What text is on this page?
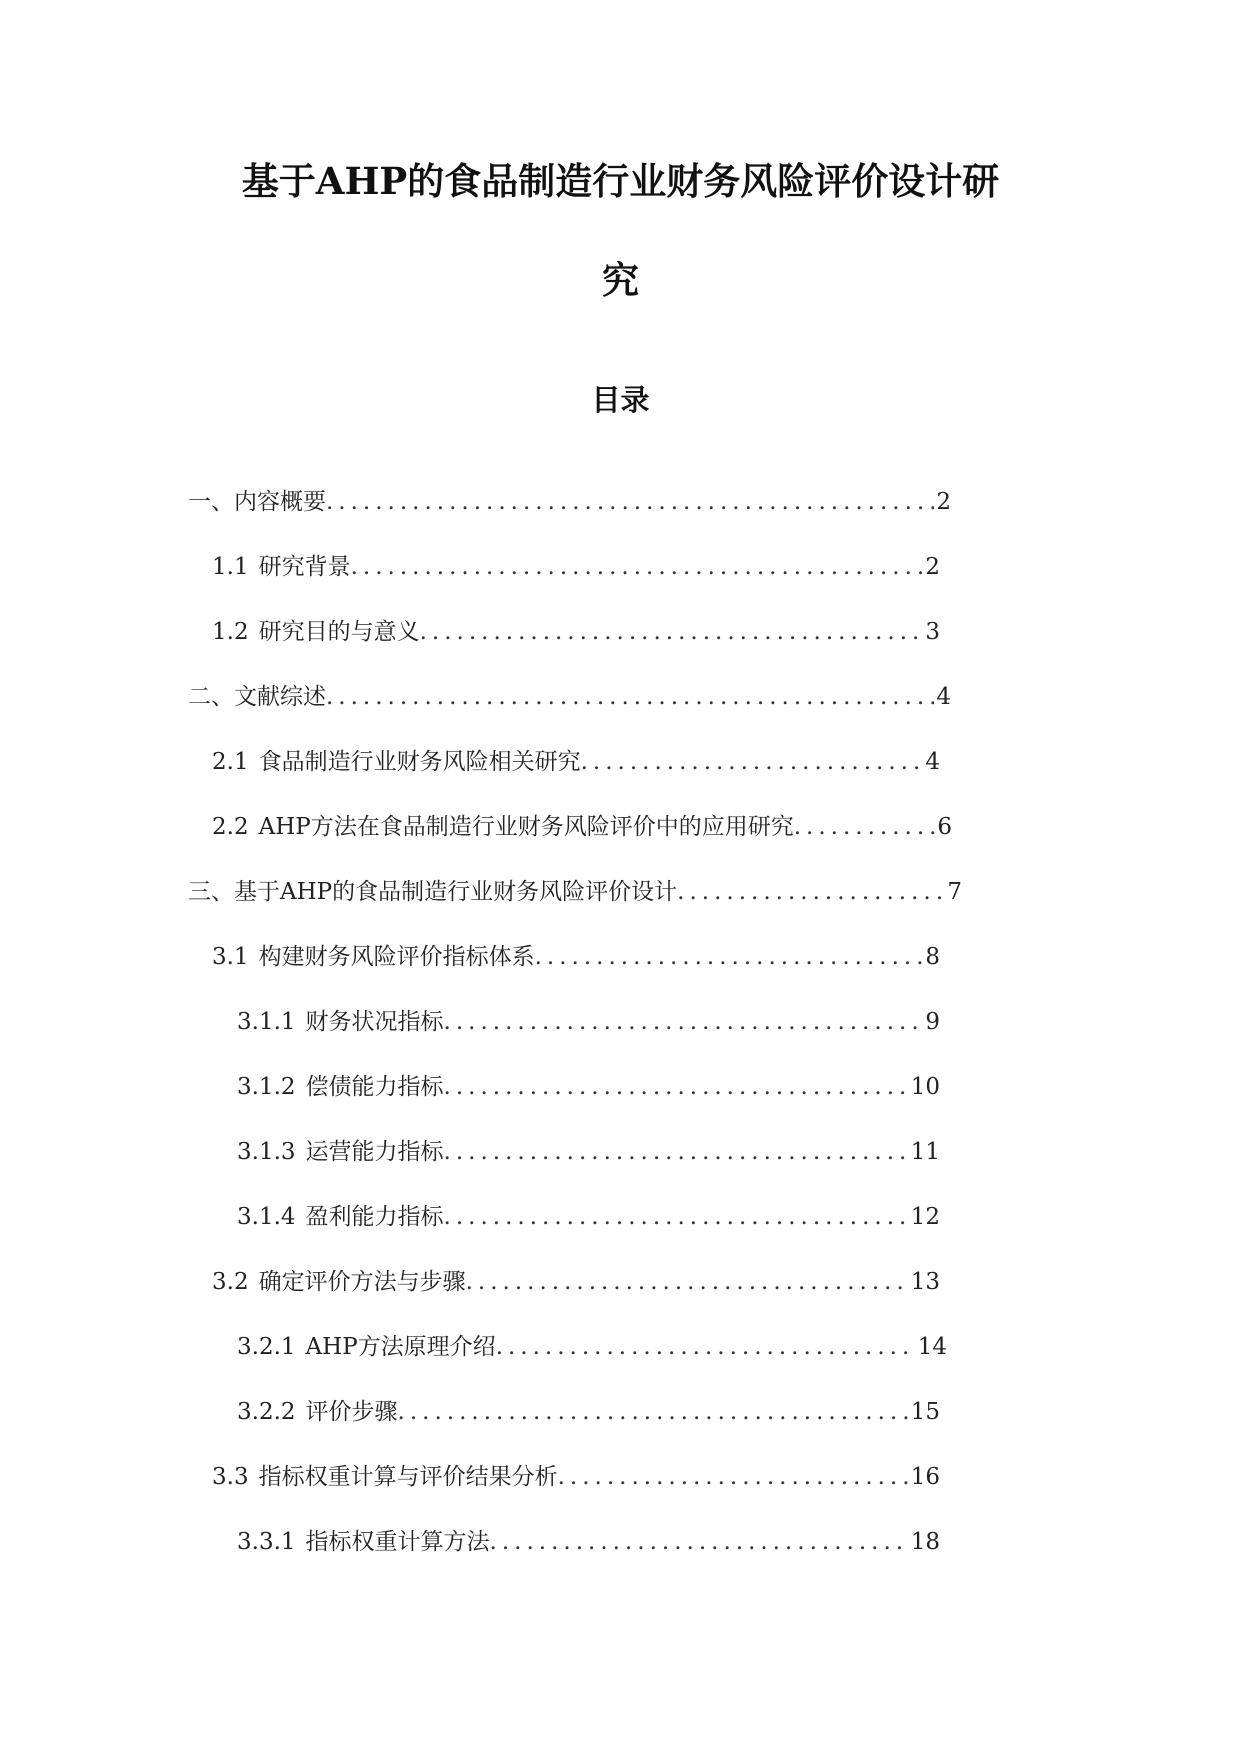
基于AHP的食品制造行业财务风险评价设计研
究
目录
一、内容概要 .....	2
1.1 研究背景 .....	2
1.2 研究目的与意义 .....	3
二、文献综述 .....	4
2.1 食品制造行业财务风险相关研究 .....	4
2.2 AHP方法在食品制造行业财务风险评价中的应用研究 .....	6
三、基于AHP的食品制造行业财务风险评价设计 .....	7
3.1 构建财务风险评价指标体系 .....	8
3.1.1 财务状况指标 .....	9
3.1.2 偿债能力指标 .....	10
3.1.3 运营能力指标 .....	11
3.1.4 盈利能力指标 .....	12
3.2 确定评价方法与步骤 .....	13
3.2.1 AHP方法原理介绍 .....	14
3.2.2 评价步骤 .....	15
3.3 指标权重计算与评价结果分析 .....	16
3.3.1 指标权重计算方法 .....	18
